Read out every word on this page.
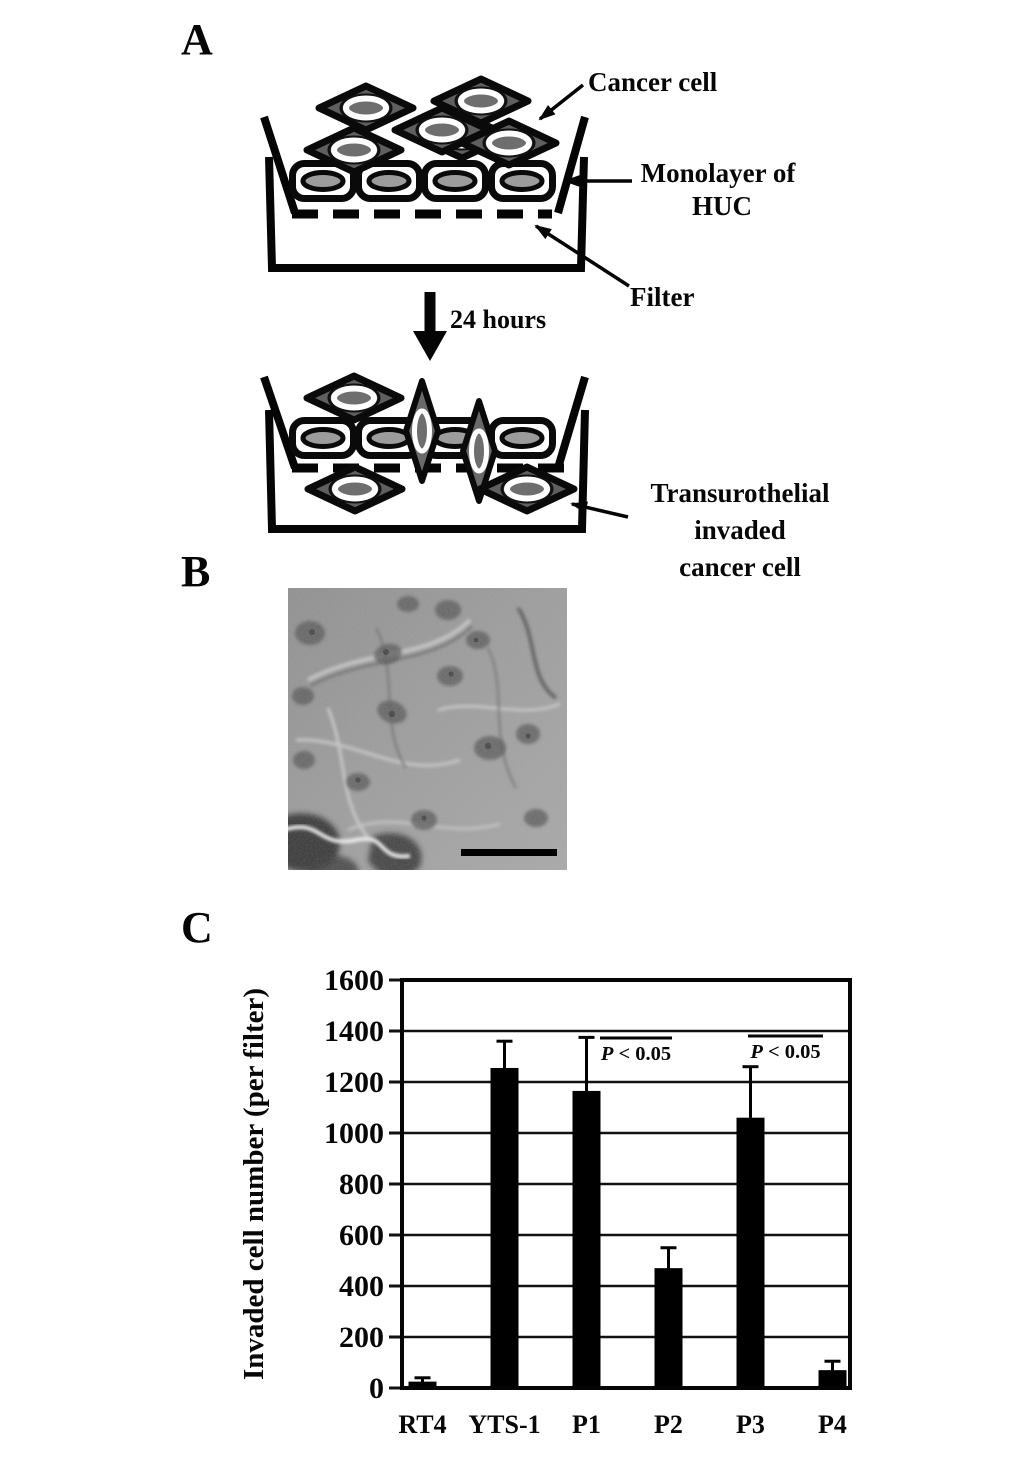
A
Cancer cell
Monolayer of
HUC
Filter
24 hours
Transurothelial
invaded
cancer cell
B
C
0
200
400
600
800
1000
1200
1400
1600
RT4 YTS-1 P1 P2 P3 P4
Invaded cell number (per filter)	P < 0.05	P < 0.05
